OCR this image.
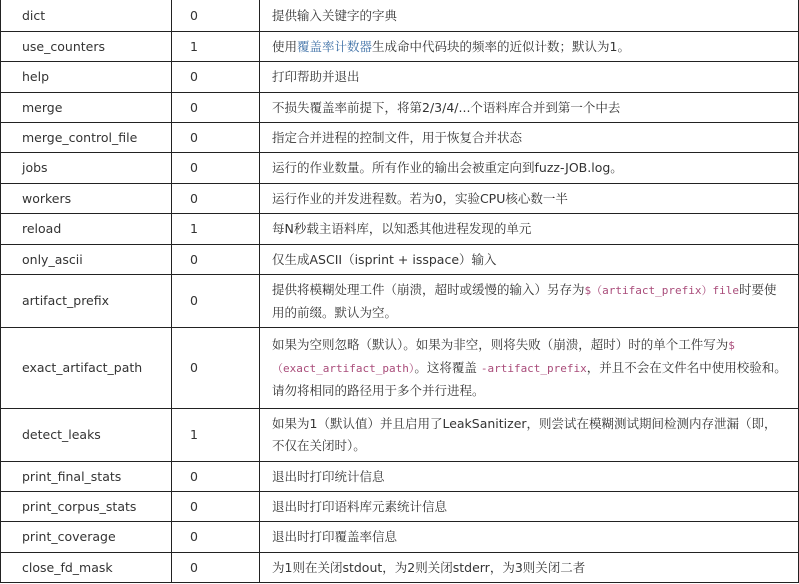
dict	0	提供输入关键字的字典
use_counters	1	使用覆盖率计数器生成命中代码块的频率的近似计数；默认为1。
help	0	打印帮助并退出
merge	0	不损失覆盖率前提下，将第2/3/4/...个语料库合并到第一个中去
merge_control_file	0	指定合并进程的控制文件，用于恢复合并状态
jobs	0	运行的作业数量。所有作业的输出会被重定向到fuzz-JOB.log。
workers	0	运行作业的并发进程数。若为0，实验CPU核心数一半
reload	1	每N秒载主语料库，以知悉其他进程发现的单元
only_ascii	0	仅生成ASCII（isprint + isspace）输入
artifact_prefix	0	提供将模糊处理工件（崩溃，超时或缓慢的输入）另存为$（artifact_prefix）file时要使用的前缀。默认为空。
exact_artifact_path	0	如果为空则忽略（默认）。如果为非空，则将失败（崩溃，超时）时的单个工件写为$（exact_artifact_path）。这将覆盖 -artifact_prefix，并且不会在文件名中使用校验和。请勿将相同的路径用于多个并行进程。
detect_leaks	1	如果为1（默认值）并且启用了LeakSanitizer，则尝试在模糊测试期间检测内存泄漏（即，不仅在关闭时）。
print_final_stats	0	退出时打印统计信息
print_corpus_stats	0	退出时打印语料库元素统计信息
print_coverage	0	退出时打印覆盖率信息
close_fd_mask	0	为1则在关闭stdout，为2则关闭stderr，为3则关闭二者
